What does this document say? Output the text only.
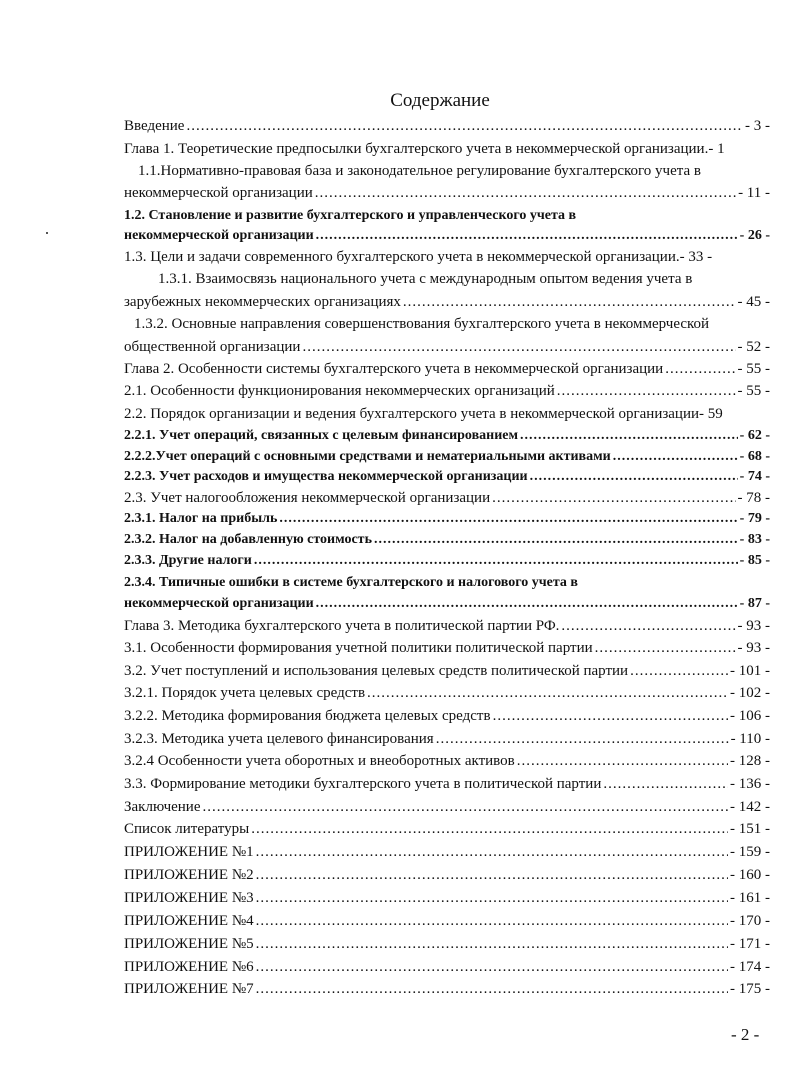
Содержание
Введение .....	- 3 -
Глава 1. Теоретические предпосылки бухгалтерского учета в некоммерческой организации. - 1
1.1.Нормативно-правовая база и законодательное регулирование бухгалтерского учета в
некоммерческой организации .....	- 11 -
1.2. Становление и развитие бухгалтерского и управленческого учета в
некоммерческой организации .....	- 26 -
1.3. Цели и задачи современного бухгалтерского учета в некоммерческой организации. - 33 -
1.3.1. Взаимосвязь национального учета с международным опытом ведения учета в
зарубежных некоммерческих организациях .....	- 45 -
1.3.2. Основные направления совершенствования бухгалтерского учета в некоммерческой
общественной организации .....	- 52 -
Глава 2. Особенности системы бухгалтерского учета в некоммерческой организации .....	- 55 -
2.1. Особенности функционирования некоммерческих организаций .....	- 55 -
2.2. Порядок организации и ведения бухгалтерского учета в некоммерческой организации - 59
2.2.1. Учет операций, связанных с целевым финансированием .....	- 62 -
2.2.2.Учет операций с основными средствами и нематериальными активами .....	- 68 -
2.2.3. Учет расходов и имущества некоммерческой организации .....	- 74 -
2.3. Учет налогообложения некоммерческой организации .....	- 78 -
2.3.1. Налог на прибыль .....	- 79 -
2.3.2. Налог на добавленную стоимость .....	- 83 -
2.3.3. Другие налоги .....	- 85 -
2.3.4. Типичные ошибки в системе бухгалтерского и налогового учета в
некоммерческой организации .....	- 87 -
Глава 3. Методика бухгалтерского учета в политической партии РФ. .....	- 93 -
3.1. Особенности формирования учетной политики политической партии .....	- 93 -
3.2. Учет поступлений и использования целевых средств политической партии .....	- 101 -
3.2.1. Порядок учета целевых средств .....	- 102 -
3.2.2. Методика формирования бюджета целевых средств .....	- 106 -
3.2.3. Методика учета целевого финансирования .....	- 110 -
3.2.4 Особенности учета оборотных и внеоборотных активов .....	- 128 -
3.3. Формирование методики бухгалтерского учета в политической партии .....	- 136 -
Заключение .....	- 142 -
Список литературы .....	- 151 -
ПРИЛОЖЕНИЕ №1 .....	- 159 -
ПРИЛОЖЕНИЕ №2 .....	- 160 -
ПРИЛОЖЕНИЕ №3 .....	- 161 -
ПРИЛОЖЕНИЕ №4 .....	- 170 -
ПРИЛОЖЕНИЕ №5 .....	- 171 -
ПРИЛОЖЕНИЕ №6 .....	- 174 -
ПРИЛОЖЕНИЕ №7 .....	- 175 -
- 2 -
